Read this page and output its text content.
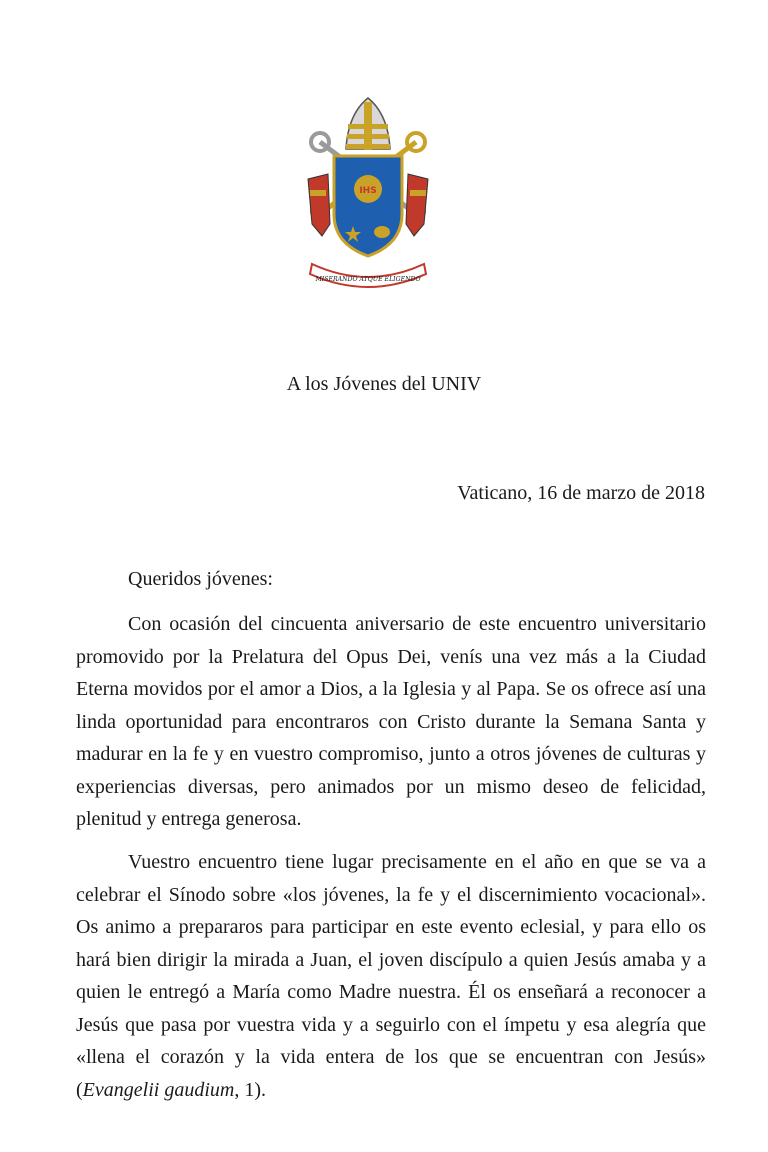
IHS
MISERANDO ATQUE ELIGENDO
A los Jóvenes del UNIV
Vaticano, 16 de marzo de 2018
Queridos jóvenes:

Con ocasión del cincuenta aniversario de este encuentro universitario promovido por la Prelatura del Opus Dei, venís una vez más a la Ciudad Eterna movidos por el amor a Dios, a la Iglesia y al Papa. Se os ofrece así una linda oportunidad para encontraros con Cristo durante la Semana Santa y madurar en la fe y en vuestro compromiso, junto a otros jóvenes de culturas y experiencias diversas, pero animados por un mismo deseo de felicidad, plenitud y entrega generosa.

Vuestro encuentro tiene lugar precisamente en el año en que se va a celebrar el Sínodo sobre «los jóvenes, la fe y el discernimiento vocacional». Os animo a prepararos para participar en este evento eclesial, y para ello os hará bien dirigir la mirada a Juan, el joven discípulo a quien Jesús amaba y a quien le entregó a María como Madre nuestra. Él os enseñará a reconocer a Jesús que pasa por vuestra vida y a seguirlo con el ímpetu y esa alegría que «llena el corazón y la vida entera de los que se encuentran con Jesús» (Evangelii gaudium, 1).
